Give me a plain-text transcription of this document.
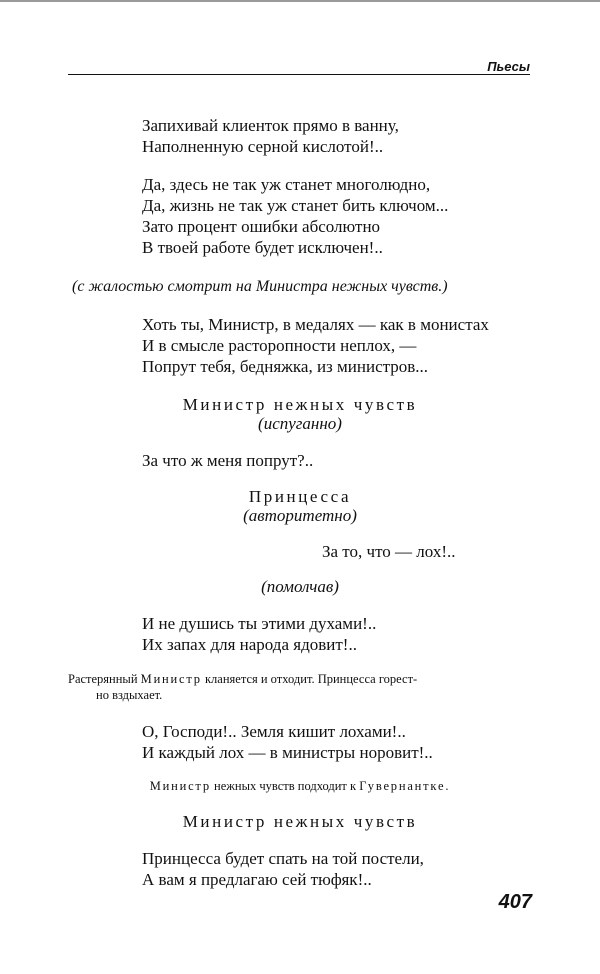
Пьесы
Запихивай клиенток прямо в ванну,
Наполненную серной кислотой!..
Да, здесь не так уж станет многолюдно,
Да, жизнь не так уж станет бить ключом...
Зато процент ошибки абсолютно
В твоей работе будет исключен!..
(с жалостью смотрит на Министра нежных чувств.)
Хоть ты, Министр, в медалях — как в монистах
И в смысле расторопности неплох, —
Попрут тебя, бедняжка, из министров...
Министр нежных чувств
(испуганно)
За что ж меня попрут?..
Принцесса
(авторитетно)
За то, что — лох!..
(помолчав)
И не душись ты этими духами!..
Их запах для народа ядовит!..
Растерянный Министр кланяется и отходит. Принцесса горест-
но вздыхает.
О, Господи!.. Земля кишит лохами!..
И каждый лох — в министры норовит!..
Министр нежных чувств подходит к Гувернантке.
Министр нежных чувств
Принцесса будет спать на той постели,
А вам я предлагаю сей тюфяк!..
407
